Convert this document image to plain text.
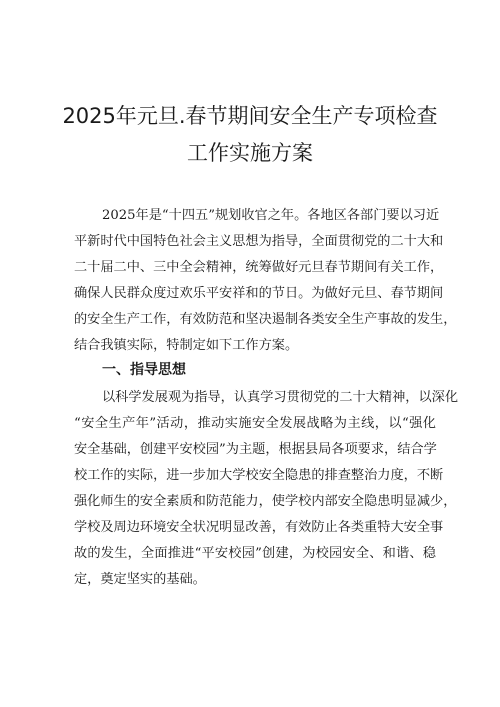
2025年元旦.春节期间安全生产专项检查
工作实施方案
2025年是“十四五”规划收官之年。各地区各部门要以习近
平新时代中国特色社会主义思想为指导，全面贯彻党的二十大和
二十届二中、三中全会精神，统筹做好元旦春节期间有关工作，
确保人民群众度过欢乐平安祥和的节日。为做好元旦、春节期间
的安全生产工作，有效防范和坚决遏制各类安全生产事故的发生，
结合我镇实际，特制定如下工作方案。
一、指导思想
以科学发展观为指导，认真学习贯彻党的二十大精神，以深化
“安全生产年”活动，推动实施安全发展战略为主线，以“强化
安全基础，创建平安校园”为主题，根据县局各项要求，结合学
校工作的实际，进一步加大学校安全隐患的排查整治力度，不断
强化师生的安全素质和防范能力，使学校内部安全隐患明显减少，
学校及周边环境安全状况明显改善，有效防止各类重特大安全事
故的发生，全面推进“平安校园”创建，为校园安全、和谐、稳
定，奠定坚实的基础。
